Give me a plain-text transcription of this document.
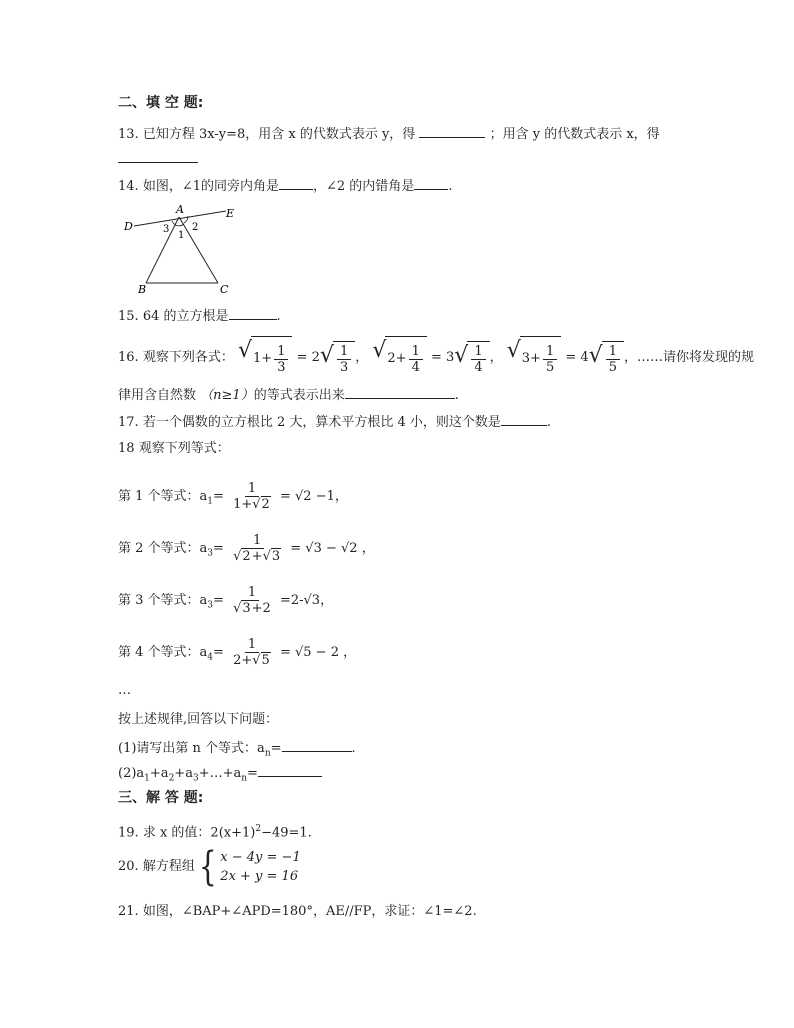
二、填 空 题:
13. 已知方程 3x-y=8，用含 x 的代数式表示 y，得	；用含 y 的代数式表示 x，得
14. 如图，∠1的同旁内角是	，∠2 的内错角是	.
A
B	C
D
E
1
2
3
15. 64 的立方根是	.
16. 观察下列各式： √ $1+ \frac{1}{3} = 2$ √ $\frac{1}{3}$ ， √ $2+ \frac{1}{4} = 3$ √ $\frac{1}{4}$ ， √ $3+ \frac{1}{5} = 4$ √ $\frac{1}{5}$ ，……请你将发现的规
律用含自然数 （n≥1）的等式表示出来	.
17. 若一个偶数的立方根比 2 大，算术平方根比 4 小，则这个数是	.
18 观察下列等式：
第 1 个等式：$a_1= \frac{1}{1+√2} = √2 -1$，
第 2 个等式：$a_3= \frac{1}{√2+√3} = √3 - √2$ ，
第 3 个等式：$a_3= \frac{1}{√3+2} =2-√3$，
第 4 个等式：$a_4= \frac{1}{2+√5} = √5 - 2$ ，
…
按上述规律,回答以下问题：
(1)请写出第 n 个等式：$a_n=$	.
$(2)a_1+a_2+a_3+\dots+a_n=$
三、解 答 题:
19. 求 x 的值：$2(x+1)^2-49=1$.
20. 解方程组{ x − 4y = −1
2x + y = 16
21. 如图，∠BAP+∠APD=180°，AE//FP，求证：∠1=∠2.
